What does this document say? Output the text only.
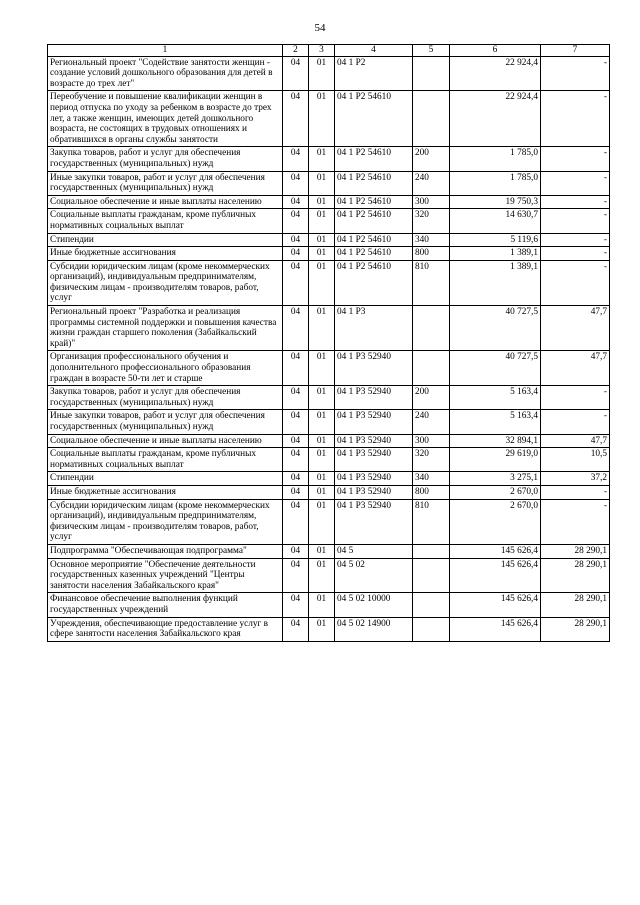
54
1	2	3	4	5	6	7
Региональный проект "Содействие занятости женщин - создание условий дошкольного образования для детей в возрасте до трех лет"	04	01	04 1 P2		22 924,4	-
Переобучение и повышение квалификации женщин в период отпуска по уходу за ребенком в возрасте до трех лет, а также женщин, имеющих детей дошкольного возраста, не состоящих в трудовых отношениях и обратившихся в органы службы занятости	04	01	04 1 P2 54610		22 924,4	-
Закупка товаров, работ и услуг для обеспечения государственных (муниципальных) нужд	04	01	04 1 P2 54610	200	1 785,0	-
Иные закупки товаров, работ и услуг для обеспечения государственных (муниципальных) нужд	04	01	04 1 P2 54610	240	1 785,0	-
Социальное обеспечение и иные выплаты населению	04	01	04 1 P2 54610	300	19 750,3	-
Социальные выплаты гражданам, кроме публичных нормативных социальных выплат	04	01	04 1 P2 54610	320	14 630,7	-
Стипендии	04	01	04 1 P2 54610	340	5 119,6	-
Иные бюджетные ассигнования	04	01	04 1 P2 54610	800	1 389,1	-
Субсидии юридическим лицам (кроме некоммерческих организаций), индивидуальным предпринимателям, физическим лицам - производителям товаров, работ, услуг	04	01	04 1 P2 54610	810	1 389,1	-
Региональный проект "Разработка и реализация программы системной поддержки и повышения качества жизни граждан старшего поколения (Забайкальский край)"	04	01	04 1 P3		40 727,5	47,7
Организация профессионального обучения и дополнительного профессионального образования граждан в возрасте 50-ти лет и старше	04	01	04 1 P3 52940		40 727,5	47,7
Закупка товаров, работ и услуг для обеспечения государственных (муниципальных) нужд	04	01	04 1 P3 52940	200	5 163,4	-
Иные закупки товаров, работ и услуг для обеспечения государственных (муниципальных) нужд	04	01	04 1 P3 52940	240	5 163,4	-
Социальное обеспечение и иные выплаты населению	04	01	04 1 P3 52940	300	32 894,1	47,7
Социальные выплаты гражданам, кроме публичных нормативных социальных выплат	04	01	04 1 P3 52940	320	29 619,0	10,5
Стипендии	04	01	04 1 P3 52940	340	3 275,1	37,2
Иные бюджетные ассигнования	04	01	04 1 P3 52940	800	2 670,0	-
Субсидии юридическим лицам (кроме некоммерческих организаций), индивидуальным предпринимателям, физическим лицам - производителям товаров, работ, услуг	04	01	04 1 P3 52940	810	2 670,0	-
Подпрограмма "Обеспечивающая подпрограмма"	04	01	04 5		145 626,4	28 290,1
Основное мероприятие "Обеспечение деятельности государственных казенных учреждений "Центры занятости населения Забайкальского края"	04	01	04 5 02		145 626,4	28 290,1
Финансовое обеспечение выполнения функций государственных учреждений	04	01	04 5 02 10000		145 626,4	28 290,1
Учреждения, обеспечивающие предоставление услуг в сфере занятости населения Забайкальского края	04	01	04 5 02 14900		145 626,4	28 290,1
